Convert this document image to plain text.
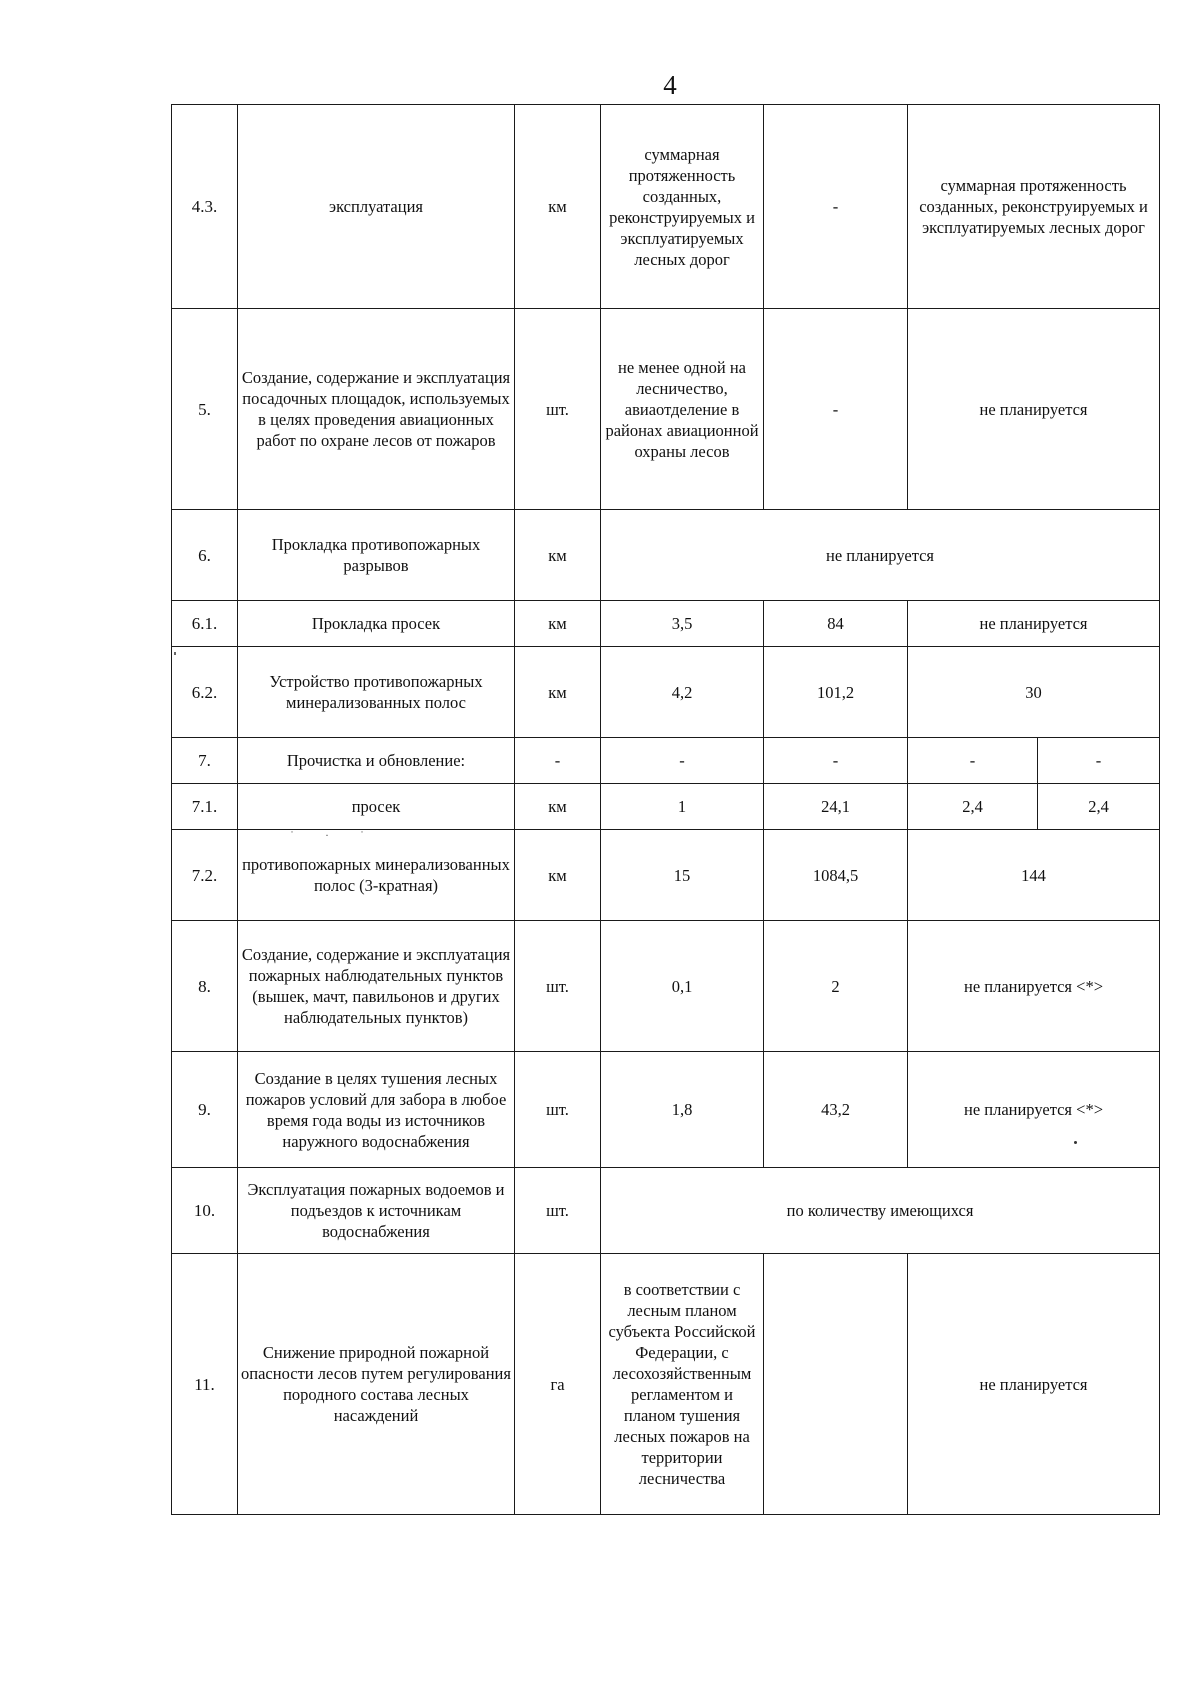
4
4.3.	эксплуатация	км	суммарная протяженность созданных, реконструируемых и эксплуатируемых лесных дорог	-	суммарная протяженность созданных, реконструируемых и эксплуатируемых лесных дорог	
5.	Создание, содержание и эксплуатация посадочных площадок, используемых в целях проведения авиационных работ по охране лесов от пожаров	шт.	не менее одной на лесничество, авиаотделение в районах авиационной охраны лесов	-	не планируется	
6.	Прокладка противопожарных разрывов	км	не планируется			
6.1.	Прокладка просек	км	3,5	84	не планируется	
6.2.	Устройство противопожарных минерализованных полос	км	4,2	101,2	30	
7.	Прочистка и обновление:	-	-	-	-	-
7.1.	просек	км	1	24,1	2,4	2,4
7.2.	противопожарных минерализованных полос (3-кратная)	км	15	1084,5	144	
8.	Создание, содержание и эксплуатация пожарных наблюдательных пунктов (вышек, мачт, павильонов и других наблюдательных пунктов)	шт.	0,1	2	не планируется <*>	
9.	Создание в целях тушения лесных пожаров условий для забора в любое время года воды из источников наружного водоснабжения	шт.	1,8	43,2	не планируется <*>	
10.	Эксплуатация пожарных водоемов и подъездов к источникам водоснабжения	шт.	по количеству имеющихся			
11.	Снижение природной пожарной опасности лесов путем регулирования породного состава лесных насаждений	га	в соответствии с лесным планом субъекта Российской Федерации, с лесохозяйственным регламентом и планом тушения лесных пожаров на территории лесничества		не планируется	
˙ · ˙
